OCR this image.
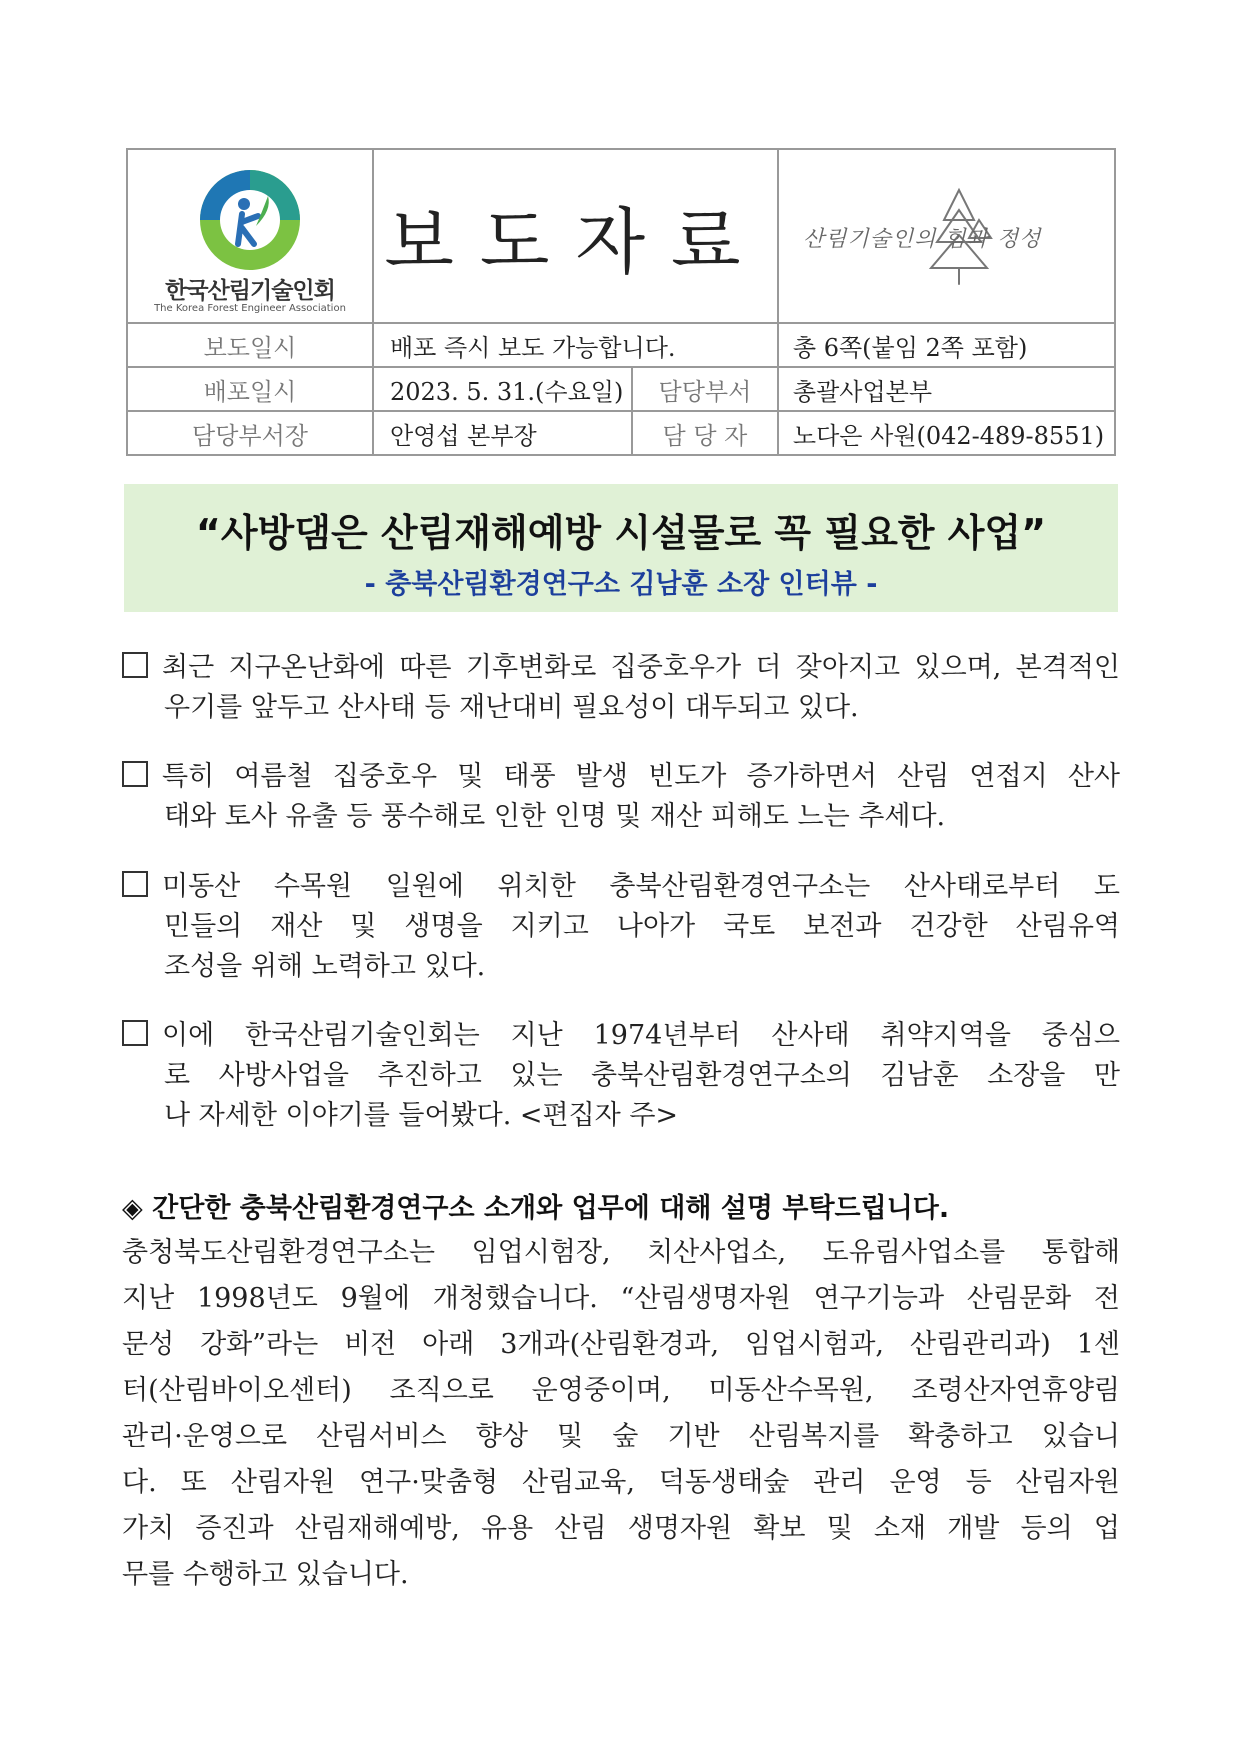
한국산림기술인회
The Korea Forest Engineer Association	보도자료		산림기술인의 힘과 정성

보도일시	배포 즉시 보도 가능합니다.		총 6쪽(붙임 2쪽 포함)
배포일시	2023. 5. 31.(수요일)	담당부서	총괄사업본부
담당부서장	안영섭 본부장	담 당 자	노다은 사원(042-489-8551)
“사방댐은 산림재해예방 시설물로 꼭 필요한 사업”
- 충북산림환경연구소 김남훈 소장 인터뷰 -
최근 지구온난화에 따른 기후변화로 집중호우가 더 잦아지고 있으며, 본격적인
우기를 앞두고 산사태 등 재난대비 필요성이 대두되고 있다.
특히 여름철 집중호우 및 태풍 발생 빈도가 증가하면서 산림 연접지 산사
태와 토사 유출 등 풍수해로 인한 인명 및 재산 피해도 느는 추세다.
미동산 수목원 일원에 위치한 충북산림환경연구소는 산사태로부터 도
민들의 재산 및 생명을 지키고 나아가 국토 보전과 건강한 산림유역
조성을 위해 노력하고 있다.
이에 한국산림기술인회는 지난 1974년부터 산사태 취약지역을 중심으
로 사방사업을 추진하고 있는 충북산림환경연구소의 김남훈 소장을 만
나 자세한 이야기를 들어봤다. <편집자 주>
◈ 간단한 충북산림환경연구소 소개와 업무에 대해 설명 부탁드립니다.
충청북도산림환경연구소는 임업시험장, 치산사업소, 도유림사업소를 통합해
지난 1998년도 9월에 개청했습니다. “산림생명자원 연구기능과 산림문화 전
문성 강화”라는 비전 아래 3개과(산림환경과, 임업시험과, 산림관리과) 1센
터(산림바이오센터) 조직으로 운영중이며, 미동산수목원, 조령산자연휴양림
관리·운영으로 산림서비스 향상 및 숲 기반 산림복지를 확충하고 있습니
다. 또 산림자원 연구·맞춤형 산림교육, 덕동생태숲 관리 운영 등 산림자원
가치 증진과 산림재해예방, 유용 산림 생명자원 확보 및 소재 개발 등의 업
무를 수행하고 있습니다.
